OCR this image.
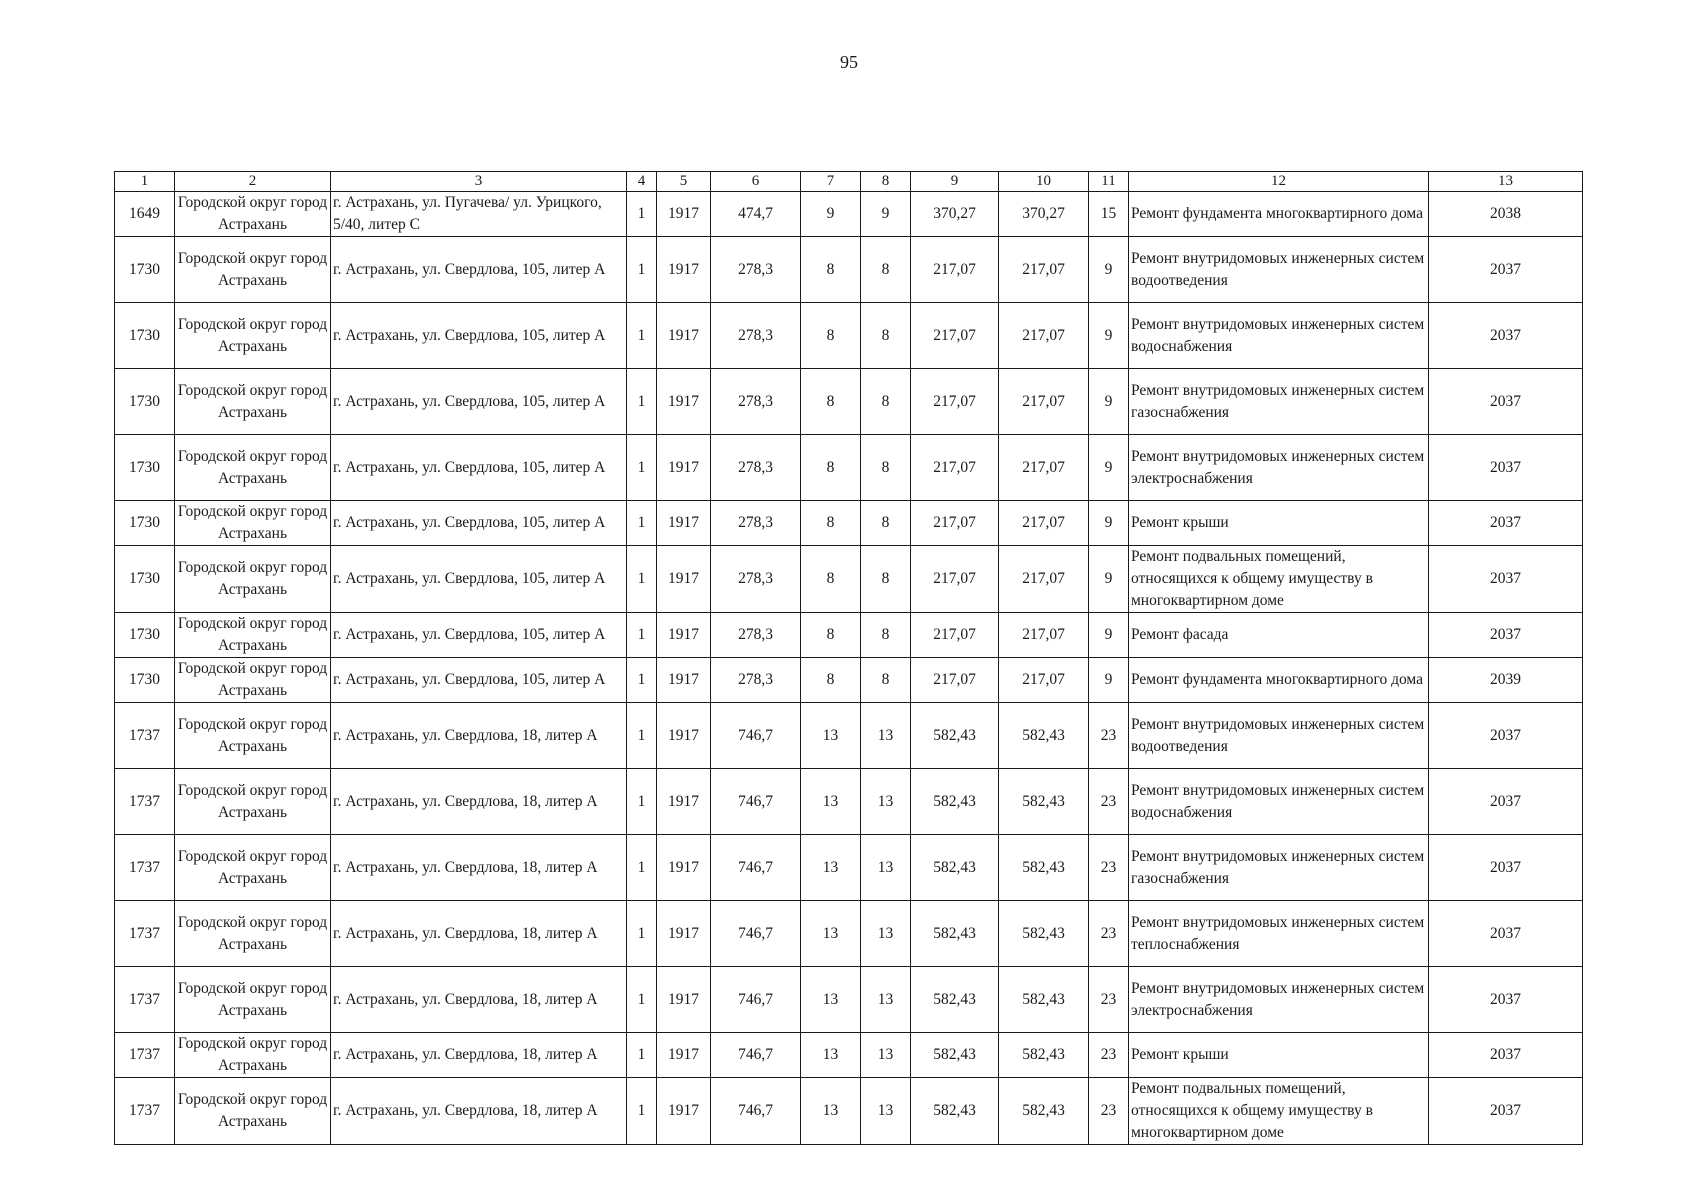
95
1	2	3	4	5	6	7	8	9	10	11	12	13
1649	Городской округ город Астрахань	г. Астрахань, ул. Пугачева/ ул. Урицкого, 5/40, литер С	1	1917	474,7	9	9	370,27	370,27	15	Ремонт фундамента многоквартирного дома	2038
1730	Городской округ город Астрахань	г. Астрахань, ул. Свердлова, 105, литер А	1	1917	278,3	8	8	217,07	217,07	9	Ремонт внутридомовых инженерных систем водоотведения	2037
1730	Городской округ город Астрахань	г. Астрахань, ул. Свердлова, 105, литер А	1	1917	278,3	8	8	217,07	217,07	9	Ремонт внутридомовых инженерных систем водоснабжения	2037
1730	Городской округ город Астрахань	г. Астрахань, ул. Свердлова, 105, литер А	1	1917	278,3	8	8	217,07	217,07	9	Ремонт внутридомовых инженерных систем газоснабжения	2037
1730	Городской округ город Астрахань	г. Астрахань, ул. Свердлова, 105, литер А	1	1917	278,3	8	8	217,07	217,07	9	Ремонт внутридомовых инженерных систем электроснабжения	2037
1730	Городской округ город Астрахань	г. Астрахань, ул. Свердлова, 105, литер А	1	1917	278,3	8	8	217,07	217,07	9	Ремонт крыши	2037
1730	Городской округ город Астрахань	г. Астрахань, ул. Свердлова, 105, литер А	1	1917	278,3	8	8	217,07	217,07	9	Ремонт подвальных помещений, относящихся к общему имуществу в многоквартирном доме	2037
1730	Городской округ город Астрахань	г. Астрахань, ул. Свердлова, 105, литер А	1	1917	278,3	8	8	217,07	217,07	9	Ремонт фасада	2037
1730	Городской округ город Астрахань	г. Астрахань, ул. Свердлова, 105, литер А	1	1917	278,3	8	8	217,07	217,07	9	Ремонт фундамента многоквартирного дома	2039
1737	Городской округ город Астрахань	г. Астрахань, ул. Свердлова, 18, литер А	1	1917	746,7	13	13	582,43	582,43	23	Ремонт внутридомовых инженерных систем водоотведения	2037
1737	Городской округ город Астрахань	г. Астрахань, ул. Свердлова, 18, литер А	1	1917	746,7	13	13	582,43	582,43	23	Ремонт внутридомовых инженерных систем водоснабжения	2037
1737	Городской округ город Астрахань	г. Астрахань, ул. Свердлова, 18, литер А	1	1917	746,7	13	13	582,43	582,43	23	Ремонт внутридомовых инженерных систем газоснабжения	2037
1737	Городской округ город Астрахань	г. Астрахань, ул. Свердлова, 18, литер А	1	1917	746,7	13	13	582,43	582,43	23	Ремонт внутридомовых инженерных систем теплоснабжения	2037
1737	Городской округ город Астрахань	г. Астрахань, ул. Свердлова, 18, литер А	1	1917	746,7	13	13	582,43	582,43	23	Ремонт внутридомовых инженерных систем электроснабжения	2037
1737	Городской округ город Астрахань	г. Астрахань, ул. Свердлова, 18, литер А	1	1917	746,7	13	13	582,43	582,43	23	Ремонт крыши	2037
1737	Городской округ город Астрахань	г. Астрахань, ул. Свердлова, 18, литер А	1	1917	746,7	13	13	582,43	582,43	23	Ремонт подвальных помещений, относящихся к общему имуществу в многоквартирном доме	2037
